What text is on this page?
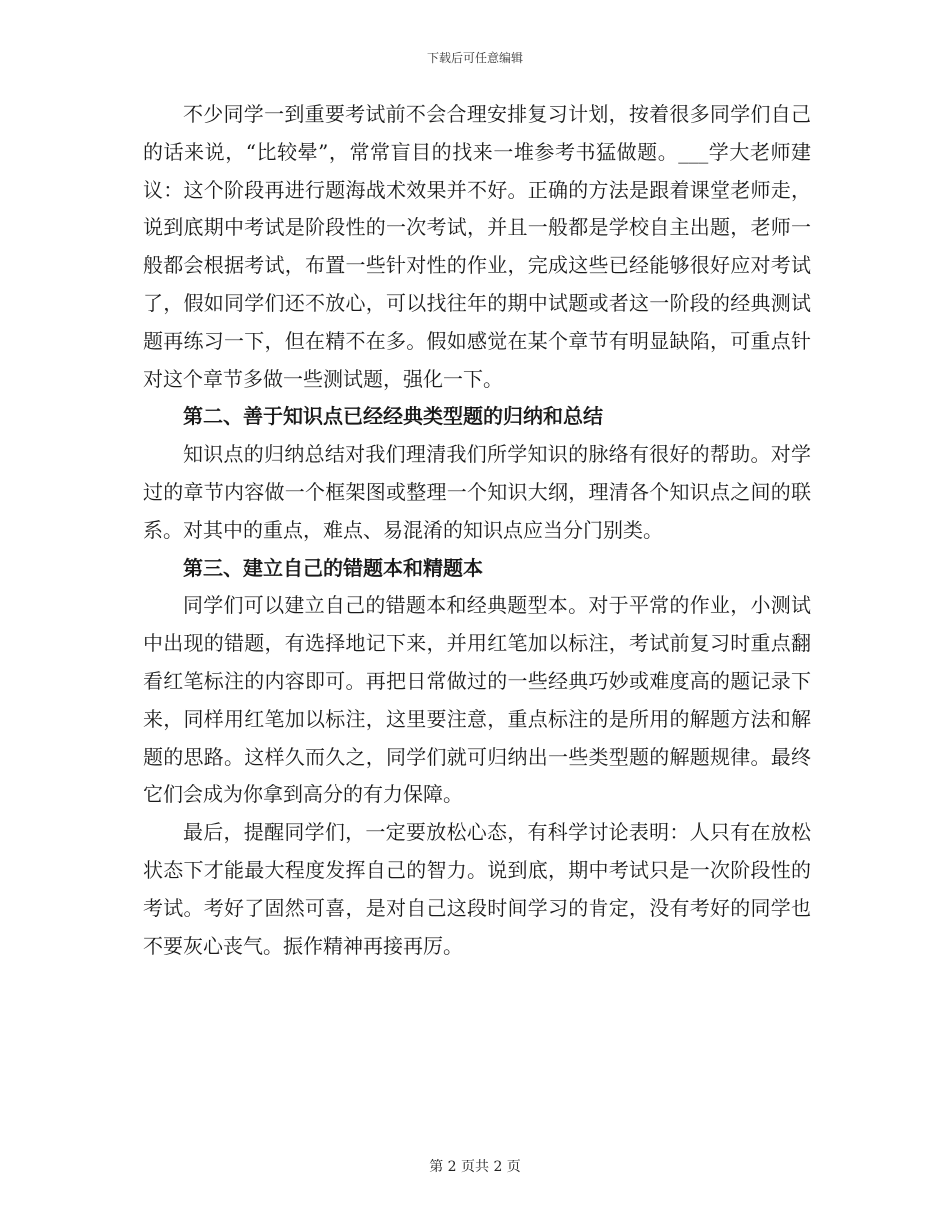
下载后可任意编辑

不少同学一到重要考试前不会合理安排复习计划，按着很多同学们自己的话来说，“比较晕”，常常盲目的找来一堆参考书猛做题。___学大老师建议：这个阶段再进行题海战术效果并不好。正确的方法是跟着课堂老师走，说到底期中考试是阶段性的一次考试，并且一般都是学校自主出题，老师一般都会根据考试，布置一些针对性的作业，完成这些已经能够很好应对考试了，假如同学们还不放心，可以找往年的期中试题或者这一阶段的经典测试题再练习一下，但在精不在多。假如感觉在某个章节有明显缺陷，可重点针对这个章节多做一些测试题，强化一下。

第二、善于知识点已经经典类型题的归纳和总结

知识点的归纳总结对我们理清我们所学知识的脉络有很好的帮助。对学过的章节内容做一个框架图或整理一个知识大纲，理清各个知识点之间的联系。对其中的重点，难点、易混淆的知识点应当分门别类。

第三、建立自己的错题本和精题本

同学们可以建立自己的错题本和经典题型本。对于平常的作业，小测试中出现的错题，有选择地记下来，并用红笔加以标注，考试前复习时重点翻看红笔标注的内容即可。再把日常做过的一些经典巧妙或难度高的题记录下来，同样用红笔加以标注，这里要注意，重点标注的是所用的解题方法和解题的思路。这样久而久之，同学们就可归纳出一些类型题的解题规律。最终它们会成为你拿到高分的有力保障。

最后，提醒同学们，一定要放松心态，有科学讨论表明：人只有在放松状态下才能最大程度发挥自己的智力。说到底，期中考试只是一次阶段性的考试。考好了固然可喜，是对自己这段时间学习的肯定，没有考好的同学也不要灰心丧气。振作精神再接再厉。

第 2 页共 2 页
